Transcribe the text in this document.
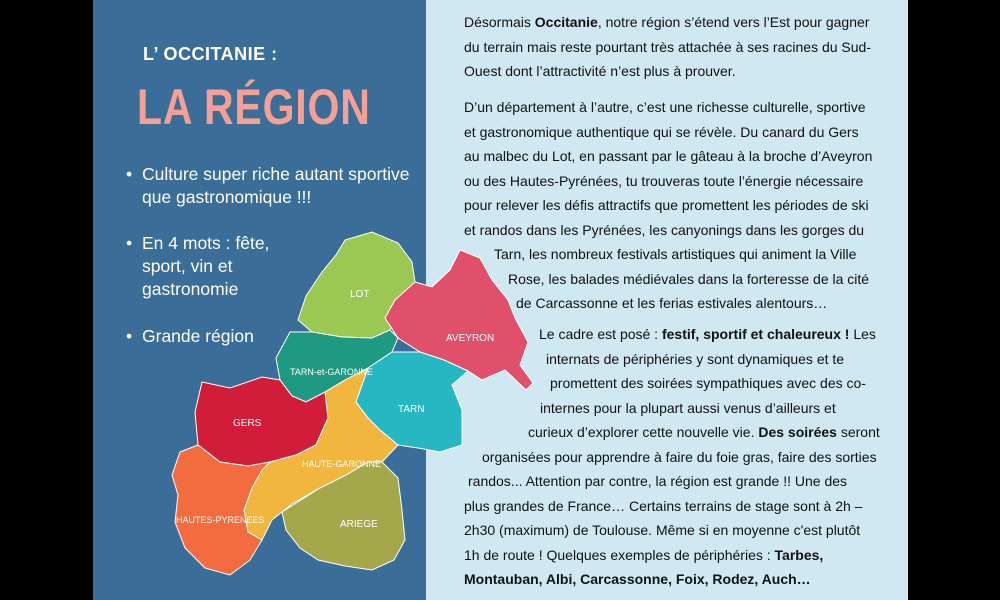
L’ OCCITANIE :
LA RÉGION
• Culture super riche autant sportive que gastronomique !!!
• En 4 mots : fête, sport, vin et gastronomie
• Grande région
LOT
AVEYRON
TARN-et-GARONNE
TARN
GERS
HAUTE-GARONNE
HAUTES-PYRENEES	ARIEGE
Désormais Occitanie, notre région s’étend vers l’Est pour gagner
du terrain mais reste pourtant très attachée à ses racines du Sud-
Ouest dont l’attractivité n’est plus à prouver.
D’un département à l’autre, c’est une richesse culturelle, sportive
et gastronomique authentique qui se révèle. Du canard du Gers
au malbec du Lot, en passant par le gâteau à la broche d’Aveyron
ou des Hautes-Pyrénées, tu trouveras toute l’énergie nécessaire
pour relever les défis attractifs que promettent les périodes de ski
et randos dans les Pyrénées, les canyonings dans les gorges du
Tarn, les nombreux festivals artistiques qui animent la Ville
Rose, les balades médiévales dans la forteresse de la cité
de Carcassonne et les ferias estivales alentours…
Le cadre est posé : festif, sportif et chaleureux ! Les
internats de périphéries y sont dynamiques et te
promettent des soirées sympathiques avec des co-
internes pour la plupart aussi venus d’ailleurs et
curieux d’explorer cette nouvelle vie. Des soirées seront
organisées pour apprendre à faire du foie gras, faire des sorties
randos... Attention par contre, la région est grande !! Une des
plus grandes de France… Certains terrains de stage sont à 2h –
2h30 (maximum) de Toulouse. Même si en moyenne c'est plutôt
1h de route ! Quelques exemples de périphéries : Tarbes,
Montauban, Albi, Carcassonne, Foix, Rodez, Auch…
